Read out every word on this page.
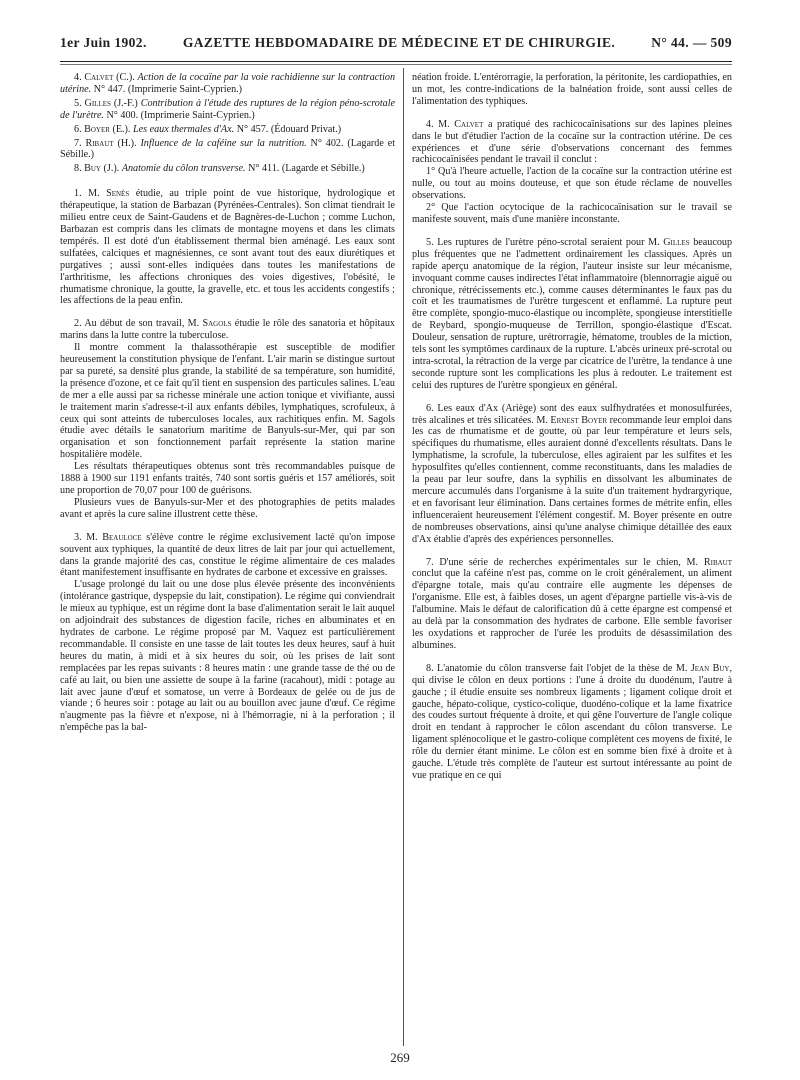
1er Juin 1902.	GAZETTE HEBDOMADAIRE DE MÉDECINE ET DE CHIRURGIE.	N° 44. — 509

4. Calvet (C.). Action de la cocaïne par la voie rachidienne sur la contraction utérine. N° 447. (Imprimerie Saint-Cyprien.)

5. Gilles (J.-F.) Contribution à l'étude des ruptures de la région péno-scrotale de l'urètre. N° 400. (Imprimerie Saint-Cyprien.)

6. Boyer (E.). Les eaux thermales d'Ax. N° 457. (Édouard Privat.)

7. Ribaut (H.). Influence de la caféine sur la nutrition. N° 402. (Lagarde et Sébille.)

8. Buy (J.). Anatomie du côlon transverse. N° 411. (Lagarde et Sébille.)

1. M. Senès étudie, au triple point de vue historique, hydrologique et thérapeutique, la station de Barbazan (Pyrénées-Centrales). Son climat tiendrait le milieu entre ceux de Saint-Gaudens et de Bagnères-de-Luchon ; comme Luchon, Barbazan est compris dans les climats de montagne moyens et dans les climats tempérés. Il est doté d'un établissement thermal bien aménagé. Les eaux sont sulfatées, calciques et magnésiennes, ce sont avant tout des eaux diurétiques et purgatives ; aussi sont-elles indiquées dans toutes les manifestations de l'arthritisme, les affections chroniques des voies digestives, l'obésité, le rhumatisme chronique, la goutte, la gravelle, etc. et tous les accidents congestifs ; les affections de la peau enfin.

2. Au début de son travail, M. Sagols étudie le rôle des sanatoria et hôpitaux marins dans la lutte contre la tuberculose.

Il montre comment la thalassothérapie est susceptible de modifier heureusement la constitution physique de l'enfant. L'air marin se distingue surtout par sa pureté, sa densité plus grande, la stabilité de sa température, son humidité, la présence d'ozone, et ce fait qu'il tient en suspension des particules salines. L'eau de mer a elle aussi par sa richesse minérale une action tonique et vivifiante, aussi le traitement marin s'adresse-t-il aux enfants débiles, lymphatiques, scrofuleux, à ceux qui sont atteints de tuberculoses locales, aux rachitiques enfin. M. Sagols étudie avec détails le sanatorium maritime de Banyuls-sur-Mer, qui par son organisation et son fonctionnement parfait représente la station marine hospitalière modèle.

Les résultats thérapeutiques obtenus sont très recommandables puisque de 1888 à 1900 sur 1191 enfants traités, 740 sont sortis guéris et 157 améliorés, soit une proportion de 70,07 pour 100 de guérisons.

Plusieurs vues de Banyuls-sur-Mer et des photographies de petits malades avant et après la cure saline illustrent cette thèse.

3. M. Beauloce s'élève contre le régime exclusivement lacté qu'on impose souvent aux typhiques, la quantité de deux litres de lait par jour qui actuellement, dans la grande majorité des cas, constitue le régime alimentaire de ces malades étant manifestement insuffisante en hydrates de carbone et excessive en graisses.

L'usage prolongé du lait ou une dose plus élevée présente des inconvénients (intolérance gastrique, dyspepsie du lait, constipation). Le régime qui conviendrait le mieux au typhique, est un régime dont la base d'alimentation serait le lait auquel on adjoindrait des substances de digestion facile, riches en albuminates et en hydrates de carbone. Le régime proposé par M. Vaquez est particulièrement recommandable. Il consiste en une tasse de lait toutes les deux heures, sauf à huit heures du matin, à midi et à six heures du soir, où les prises de lait sont remplacées par les repas suivants : 8 heures matin : une grande tasse de thé ou de café au lait, ou bien une assiette de soupe à la farine (racahout), midi : potage au lait avec jaune d'œuf et somatose, un verre à Bordeaux de gelée ou de jus de viande ; 6 heures soir : potage au lait ou au bouillon avec jaune d'œuf. Ce régime n'augmente pas la fièvre et n'expose, ni à l'hémorragie, ni à la perforation ; il n'empêche pas la bal-

néation froide. L'entérorragie, la perforation, la péritonite, les cardiopathies, en un mot, les contre-indications de la balnéation froide, sont aussi celles de l'alimentation des typhiques.

4. M. Calvet a pratiqué des rachicocaïnisations sur des lapines pleines dans le but d'étudier l'action de la cocaïne sur la contraction utérine. De ces expériences et d'une série d'observations concernant des femmes rachicocaïnisées pendant le travail il conclut :

1° Qu'à l'heure actuelle, l'action de la cocaïne sur la contraction utérine est nulle, ou tout au moins douteuse, et que son étude réclame de nouvelles observations.

2° Que l'action ocytocique de la rachicocaïnisation sur le travail se manifeste souvent, mais d'une manière inconstante.

5. Les ruptures de l'urètre péno-scrotal seraient pour M. Gilles beaucoup plus fréquentes que ne l'admettent ordinairement les classiques. Après un rapide aperçu anatomique de la région, l'auteur insiste sur leur mécanisme, invoquant comme causes indirectes l'état inflammatoire (blennorragie aiguë ou chronique, rétrécissements etc.), comme causes déterminantes le faux pas du coït et les traumatismes de l'urètre turgescent et enflammé. La rupture peut être complète, spongio-muco-élastique ou incomplète, spongieuse interstitielle de Reybard, spongio-muqueuse de Terrillon, spongio-élastique d'Escat. Douleur, sensation de rupture, urétrorragie, hématome, troubles de la miction, tels sont les symptômes cardinaux de la rupture. L'abcès urineux pré-scrotal ou intra-scrotal, la rétraction de la verge par cicatrice de l'urètre, la tendance à une seconde rupture sont les complications les plus à redouter. Le traitement est celui des ruptures de l'urètre spongieux en général.

6. Les eaux d'Ax (Ariège) sont des eaux sulfhydratées et monosulfurées, très alcalines et très silicatées. M. Ernest Boyer recommande leur emploi dans les cas de rhumatisme et de goutte, où par leur température et leurs sels, spécifiques du rhumatisme, elles auraient donné d'excellents résultats. Dans le lymphatisme, la scrofule, la tuberculose, elles agiraient par les sulfites et les hyposulfites qu'elles contiennent, comme reconstituants, dans les maladies de la peau par leur soufre, dans la syphilis en dissolvant les albuminates de mercure accumulés dans l'organisme à la suite d'un traitement hydrargyrique, et en favorisant leur élimination. Dans certaines formes de métrite enfin, elles influenceraient heureusement l'élément congestif. M. Boyer présente en outre de nombreuses observations, ainsi qu'une analyse chimique détaillée des eaux d'Ax établie d'après des expériences personnelles.

7. D'une série de recherches expérimentales sur le chien, M. Ribaut conclut que la caféine n'est pas, comme on le croit généralement, un aliment d'épargne totale, mais qu'au contraire elle augmente les dépenses de l'organisme. Elle est, à faibles doses, un agent d'épargne partielle vis-à-vis de l'albumine. Mais le défaut de calorification dû à cette épargne est compensé et au delà par la consommation des hydrates de carbone. Elle semble favoriser les oxydations et rapprocher de l'urée les produits de désassimilation des albumines.

8. L'anatomie du côlon transverse fait l'objet de la thèse de M. Jean Buy, qui divise le côlon en deux portions : l'une à droite du duodénum, l'autre à gauche ; il étudie ensuite ses nombreux ligaments ; ligament colique droit et gauche, hépato-colique, cystico-colique, duodéno-colique et la lame fixatrice des coudes surtout fréquente à droite, et qui gêne l'ouverture de l'angle colique droit en tendant à rapprocher le côlon ascendant du côlon transverse. Le ligament splénocolique et le gastro-colique complètent ces moyens de fixité, le rôle du dernier étant minime. Le côlon est en somme bien fixé à droite et à gauche. L'étude très complète de l'auteur est surtout intéressante au point de vue pratique en ce qui

269
